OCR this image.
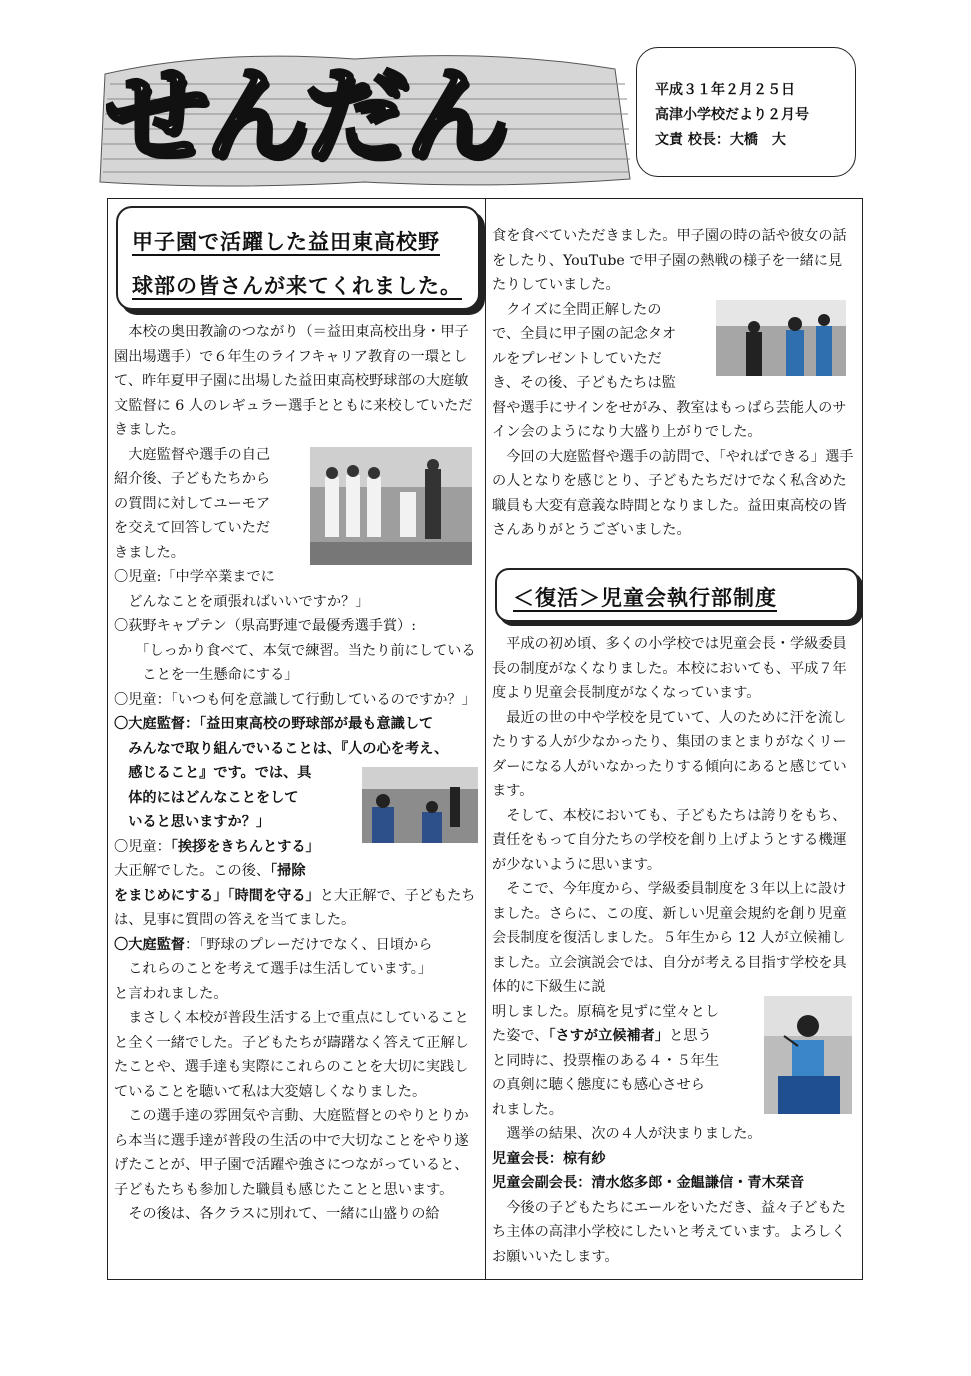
せんだん	平成３１年２月２５日
高津小学校だより２月号
文責 校長：大橋　大
甲子園で活躍した益田東高校野
球部の皆さんが来てくれました。

本校の奥田教諭のつながり（＝益田東高校出身・甲子園出場選手）で６年生のライフキャリア教育の一環として、昨年夏甲子園に出場した益田東高校野球部の大庭敏文監督に 6 人のレギュラー選手とともに来校していただきました。

大庭監督や選手の自己

紹介後、子どもたちから

の質問に対してユーモア

を交えて回答していただ

きました。

〇児童:「中学卒業までに

どんなことを頑張ればいいですか？」

〇荻野キャプテン（県高野連で最優秀選手賞）:

「しっかり食べて、本気で練習。当たり前にしていることを一生懸命にする」

〇児童：「いつも何を意識して行動しているのですか？」

〇大庭監督：「益田東高校の野球部が最も意識して

みんなで取り組んでいることは、『人の心を考え、

感じること』です。では、具

体的にはどんなことをして

いると思いますか？」

〇児童：「挨拶をきちんとする」

大正解でした。この後、「掃除

をまじめにする」「時間を守る」と大正解で、子どもたちは、見事に質問の答えを当てました。

〇大庭監督：「野球のプレーだけでなく、日頃から

これらのことを考えて選手は生活しています。」

と言われました。

まさしく本校が普段生活する上で重点にしていることと全く一緒でした。子どもたちが躊躇なく答えて正解したことや、選手達も実際にこれらのことを大切に実践していることを聴いて私は大変嬉しくなりました。

この選手達の雰囲気や言動、大庭監督とのやりとりから本当に選手達が普段の生活の中で大切なことをやり遂げたことが、甲子園で活躍や強さにつながっていると、子どもたちも参加した職員も感じたことと思います。

その後は、各クラスに別れて、一緒に山盛りの給

食を食べていただきました。甲子園の時の話や彼女の話をしたり、YouTube で甲子園の熱戦の様子を一緒に見たりしていました。

クイズに全問正解したの

で、全員に甲子園の記念タオ

ルをプレゼントしていただ

き、その後、子どもたちは監

督や選手にサインをせがみ、教室はもっぱら芸能人のサイン会のようになり大盛り上がりでした。

今回の大庭監督や選手の訪問で、「やればできる」選手の人となりを感じとり、子どもたちだけでなく私含めた職員も大変有意義な時間となりました。益田東高校の皆さんありがとうございました。

＜復活＞児童会執行部制度

平成の初め頃、多くの小学校では児童会長・学級委員長の制度がなくなりました。本校においても、平成７年度より児童会長制度がなくなっています。

最近の世の中や学校を見ていて、人のために汗を流したりする人が少なかったり、集団のまとまりがなくリーダーになる人がいなかったりする傾向にあると感じています。

そして、本校においても、子どもたちは誇りをもち、責任をもって自分たちの学校を創り上げようとする機運が少ないように思います。

そこで、今年度から、学級委員制度を３年以上に設けました。さらに、この度、新しい児童会規約を創り児童会長制度を復活しました。５年生から 12 人が立候補しました。立会演説会では、自分が考える目指す学校を具体的に下級生に説

明しました。原稿を見ずに堂々とし

た姿で、「さすが立候補者」と思う

と同時に、投票権のある４・５年生

の真剣に聴く態度にも感心させら

れました。

選挙の結果、次の４人が決まりました。

児童会長：椋有紗

児童会副会長：清水悠多郎・金饂謙信・青木栞音

今後の子どもたちにエールをいただき、益々子どもたち主体の高津小学校にしたいと考えています。よろしくお願いいたします。
